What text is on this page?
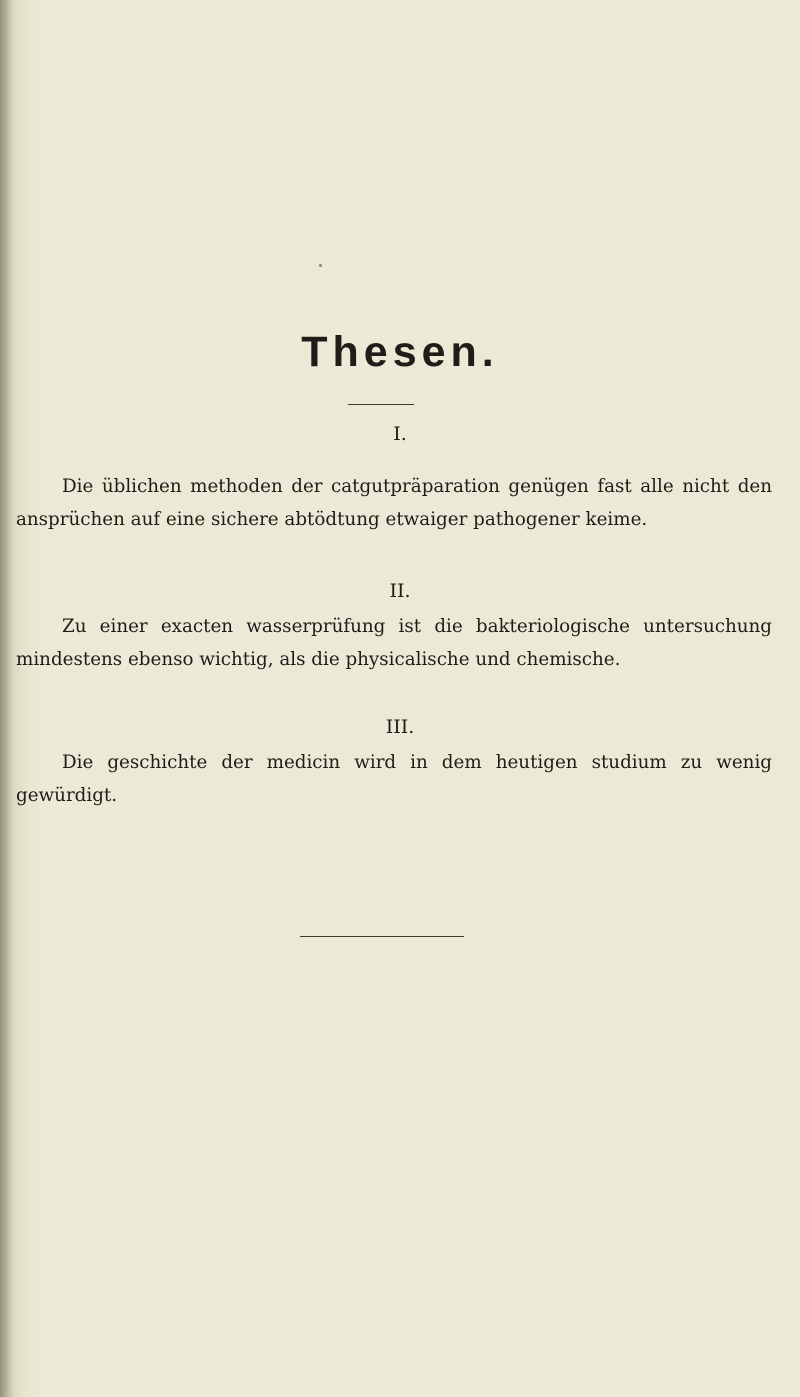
Thesen.
I.

Die üblichen methoden der catgutpräparation genügen fast alle nicht den ansprüchen auf eine sichere abtödtung etwaiger pathogener keime.

II.

Zu einer exacten wasserprüfung ist die bakteriologische untersuchung mindestens ebenso wichtig, als die physicalische und chemische.

III.

Die geschichte der medicin wird in dem heutigen studium zu wenig gewürdigt.
